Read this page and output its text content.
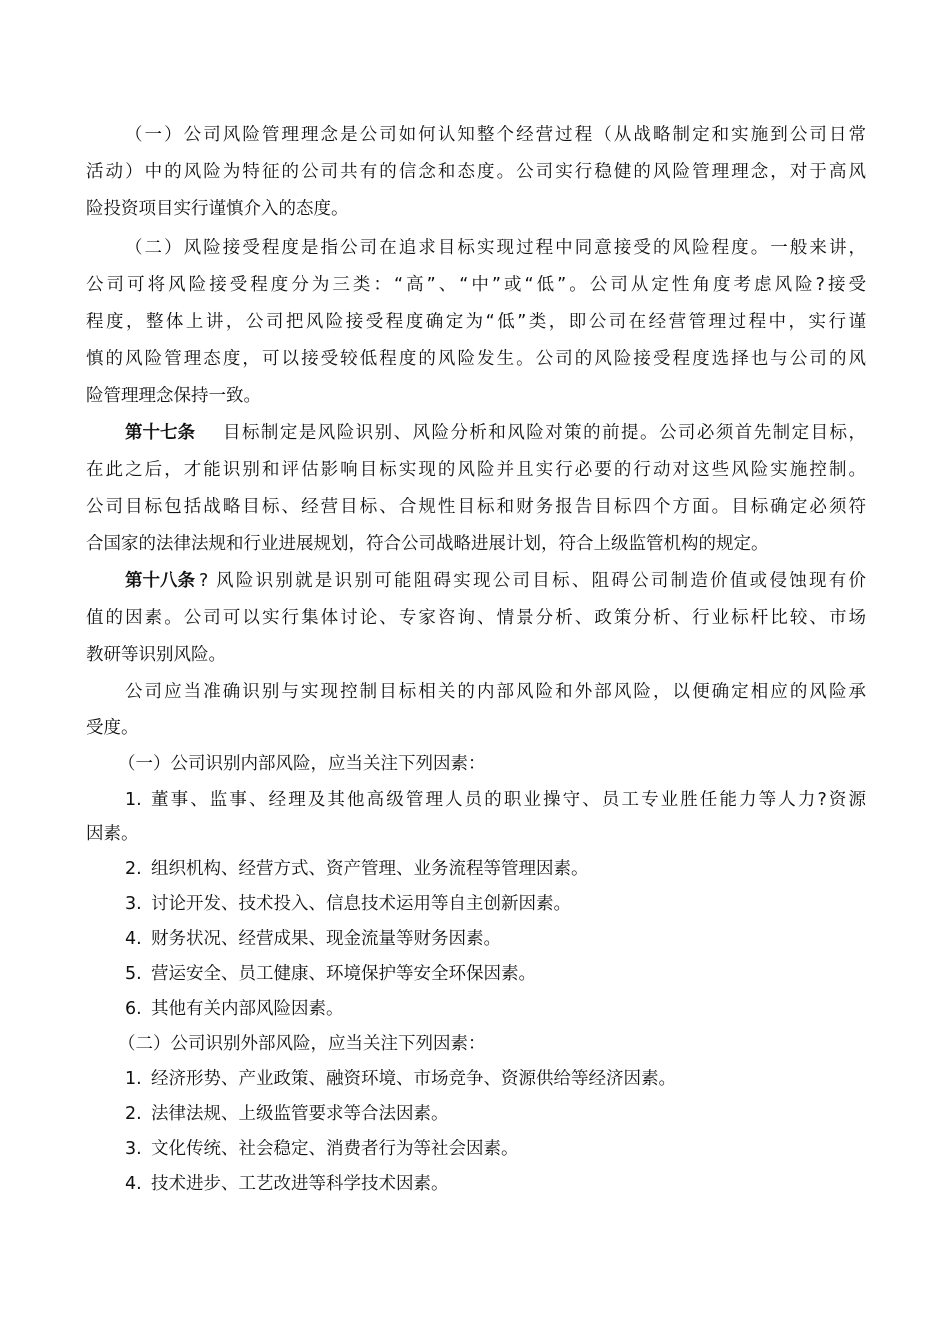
（一）公司风险管理理念是公司如何认知整个经营过程（从战略制定和实施到公司日常
活动）中的风险为特征的公司共有的信念和态度。公司实行稳健的风险管理理念，对于高风
险投资项目实行谨慎介入的态度。
（二）风险接受程度是指公司在追求目标实现过程中同意接受的风险程度。一般来讲，
公司可将风险接受程度分为三类：“高”、“中”或“低”。公司从定性角度考虑风险?接受
程度，整体上讲，公司把风险接受程度确定为“低”类，即公司在经营管理过程中，实行谨
慎的风险管理态度，可以接受较低程度的风险发生。公司的风险接受程度选择也与公司的风
险管理理念保持一致。
第十七条	目标制定是风险识别、风险分析和风险对策的前提。公司必须首先制定目标，
在此之后，才能识别和评估影响目标实现的风险并且实行必要的行动对这些风险实施控制。
公司目标包括战略目标、经营目标、合规性目标和财务报告目标四个方面。目标确定必须符
合国家的法律法规和行业进展规划，符合公司战略进展计划，符合上级监管机构的规定。
第十八条 ? 风险识别就是识别可能阻碍实现公司目标、阻碍公司制造价值或侵蚀现有价
值的因素。公司可以实行集体讨论、专家咨询、情景分析、政策分析、行业标杆比较、市场
教研等识别风险。
公司应当准确识别与实现控制目标相关的内部风险和外部风险，以便确定相应的风险承
受度。
（一）公司识别内部风险，应当关注下列因素：
1. 董事、监事、经理及其他高级管理人员的职业操守、员工专业胜任能力等人力?资源
因素。
2. 组织机构、经营方式、资产管理、业务流程等管理因素。
3. 讨论开发、技术投入、信息技术运用等自主创新因素。
4. 财务状况、经营成果、现金流量等财务因素。
5. 营运安全、员工健康、环境保护等安全环保因素。
6. 其他有关内部风险因素。
（二）公司识别外部风险，应当关注下列因素：
1. 经济形势、产业政策、融资环境、市场竞争、资源供给等经济因素。
2. 法律法规、上级监管要求等合法因素。
3. 文化传统、社会稳定、消费者行为等社会因素。
4. 技术进步、工艺改进等科学技术因素。
